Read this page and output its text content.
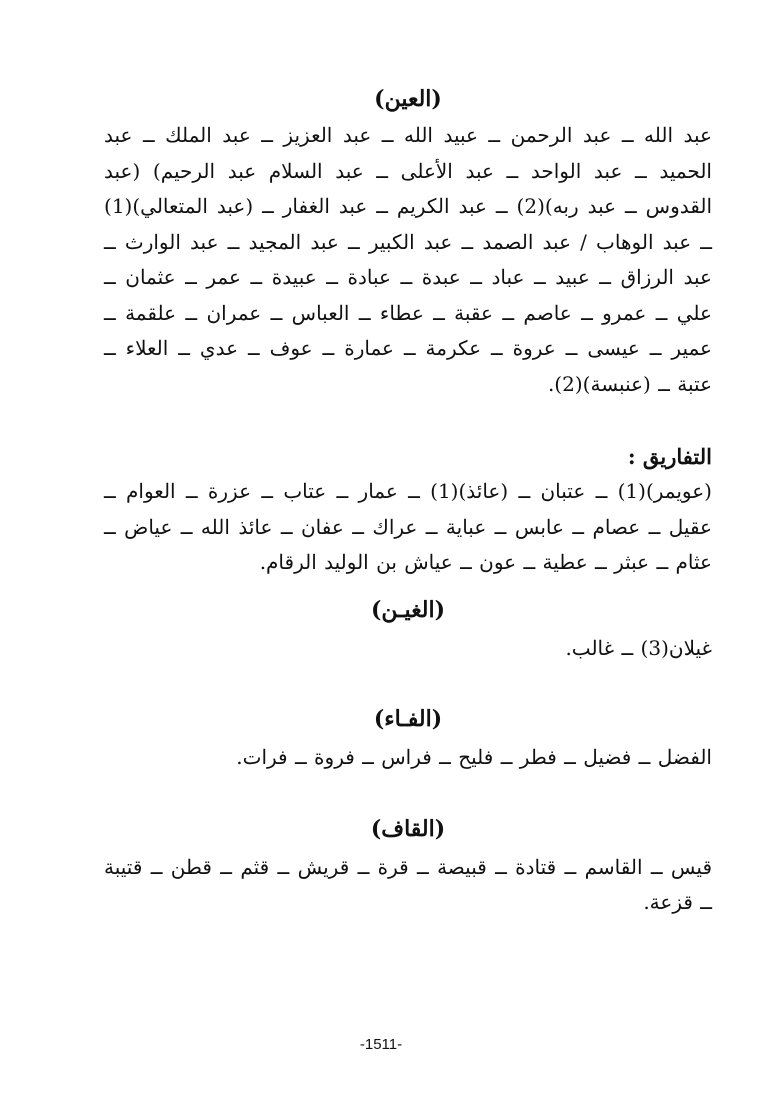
(العين)

عبد الله ــ عبد الرحمن ــ عبيد الله ــ عبد العزيز ــ عبد الملك ــ عبد الحميد ــ عبد الواحد ــ عبد الأعلى ــ عبد السلام عبد الرحيم) (عبد القدوس ــ عبد ربه)(2) ــ عبد الكريم ــ عبد الغفار ــ (عبد المتعالي)(1) ــ عبد الوهاب / عبد الصمد ــ عبد الكبير ــ عبد المجيد ــ عبد الوارث ــ عبد الرزاق ــ عبيد ــ عباد ــ عبدة ــ عبادة ــ عبيدة ــ عمر ــ عثمان ــ علي ــ عمرو ــ عاصم ــ عقبة ــ عطاء ــ العباس ــ عمران ــ علقمة ــ عمير ــ عيسى ــ عروة ــ عكرمة ــ عمارة ــ عوف ــ عدي ــ العلاء ــ عتبة ــ (عنبسة)(2).

التفاريق :

(عويمر)(1) ــ عتبان ــ (عائذ)(1) ــ عمار ــ عتاب ــ عزرة ــ العوام ــ عقيل ــ عصام ــ عابس ــ عباية ــ عراك ــ عفان ــ عائذ الله ــ عياض ــ عثام ــ عبثر ــ عطية ــ عون ــ عياش بن الوليد الرقام.

(الغيـن)

غيلان(3) ــ غالب.

(الفـاء)

الفضل ــ فضيل ــ فطر ــ فليح ــ فراس ــ فروة ــ فرات.

(القاف)

قيس ــ القاسم ــ قتادة ــ قبيصة ــ قرة ــ قريش ــ قثم ــ قطن ــ قتيبة ــ قزعة.

-1511-
